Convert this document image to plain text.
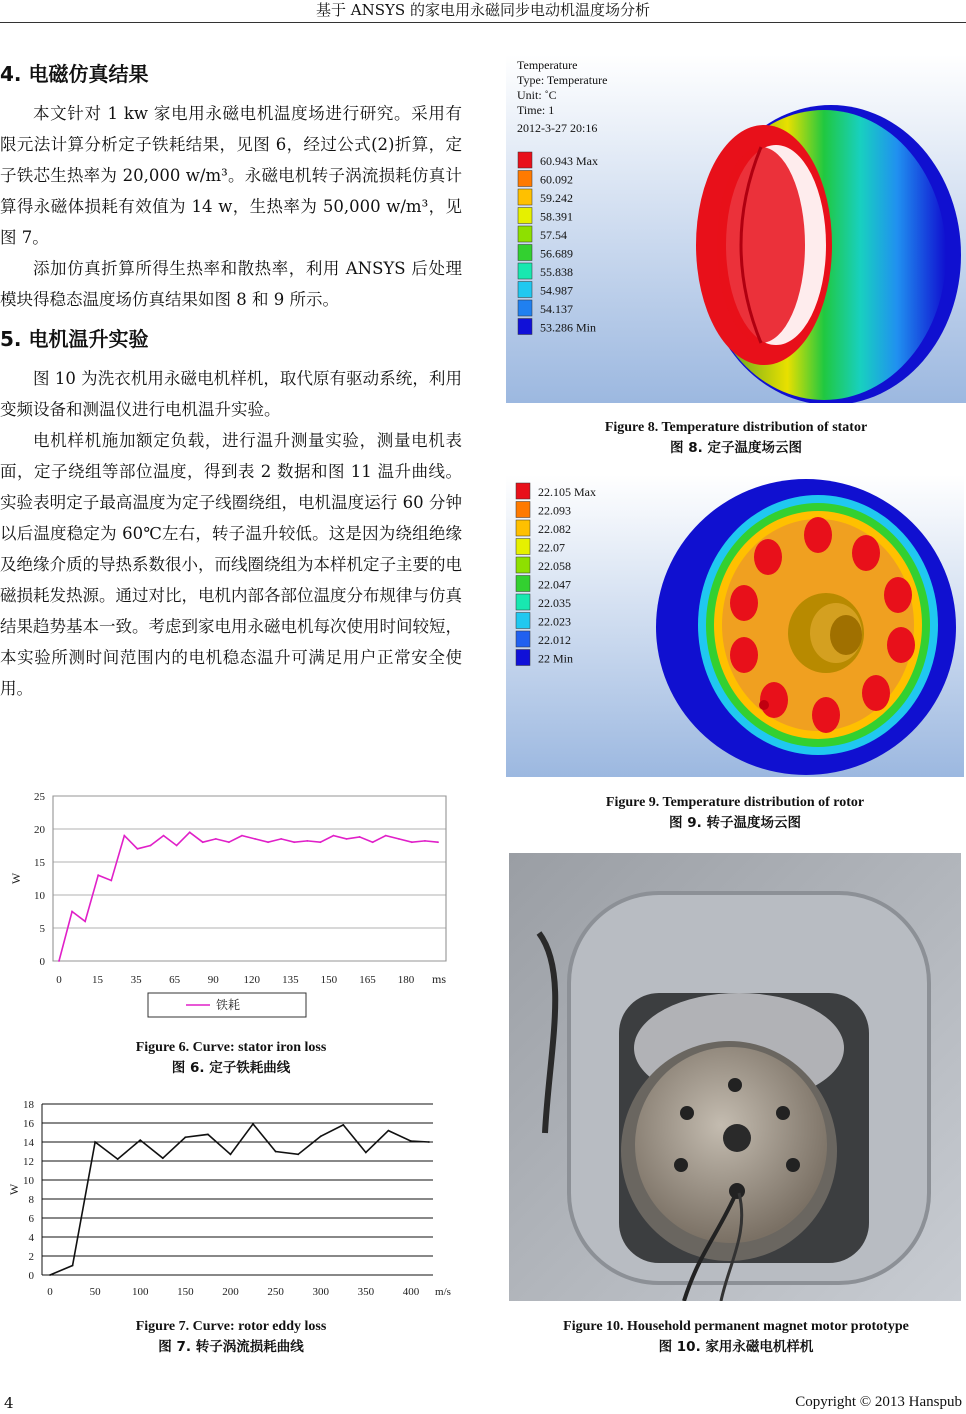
基于 ANSYS 的家电用永磁同步电动机温度场分析
4. 电磁仿真结果

本文针对 1 kw 家电用永磁电机温度场进行研究。采用有限元法计算分析定子铁耗结果，见图 6，经过公式(2)折算，定子铁芯生热率为 20,000 w/m³。永磁电机转子涡流损耗仿真计算得永磁体损耗有效值为 14 w，生热率为 50,000 w/m³，见图 7。

添加仿真折算所得生热率和散热率，利用 ANSYS 后处理模块得稳态温度场仿真结果如图 8 和 9 所示。

5. 电机温升实验

图 10 为洗衣机用永磁电机样机，取代原有驱动系统，利用变频设备和测温仪进行电机温升实验。

电机样机施加额定负载，进行温升测量实验，测量电机表面，定子绕组等部位温度，得到表 2 数据和图 11 温升曲线。实验表明定子最高温度为定子线圈绕组，电机温度运行 60 分钟以后温度稳定为 60℃左右，转子温升较低。这是因为绕组绝缘及绝缘介质的导热系数很小，而线圈绕组为本样机定子主要的电磁损耗发热源。通过对比，电机内部各部位温度分布规律与仿真结果趋势基本一致。考虑到家电用永磁电机每次使用时间较短，本实验所测时间范围内的电机稳态温升可满足用户正常安全使用。

0
5
10
15
20
25
0	15	35	65	90 120 135 150 165 180 ms
W
铁耗
Figure 6. Curve: stator iron loss
图 6. 定子铁耗曲线
0
2
4
6
8
10
12
14
16
18
0	50	100	150	200	250	300	350	400 m/s
W
Figure 7. Curve: rotor eddy loss
图 7. 转子涡流损耗曲线
Temperature
Type: Temperature
Unit: ˚C
Time: 1
2012-3-27 20:16
60.943 Max
60.092
59.242
58.391
57.54
56.689
55.838
54.987
54.137
53.286 Min
Figure 8. Temperature distribution of stator
图 8. 定子温度场云图
22.105 Max
22.093
22.082
22.07
22.058
22.047
22.035
22.023
22.012
22 Min
Figure 9. Temperature distribution of rotor
图 9. 转子温度场云图
Figure 10. Household permanent magnet motor prototype
图 10. 家用永磁电机样机
4	Copyright © 2013 Hanspub
